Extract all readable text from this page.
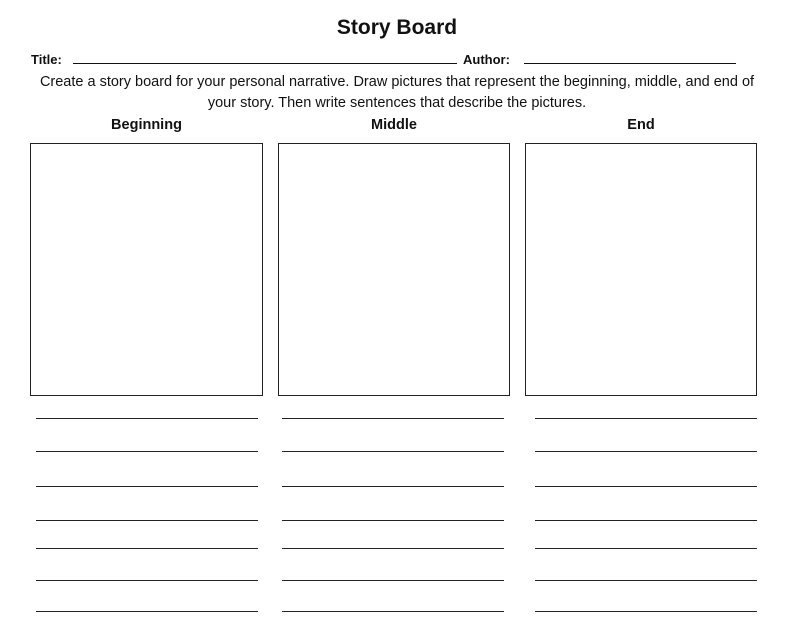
Story Board
Title:	Author:

Create a story board for your personal narrative. Draw pictures that represent the beginning, middle, and end of your story. Then write sentences that describe the pictures.

Beginning	Middle	End
